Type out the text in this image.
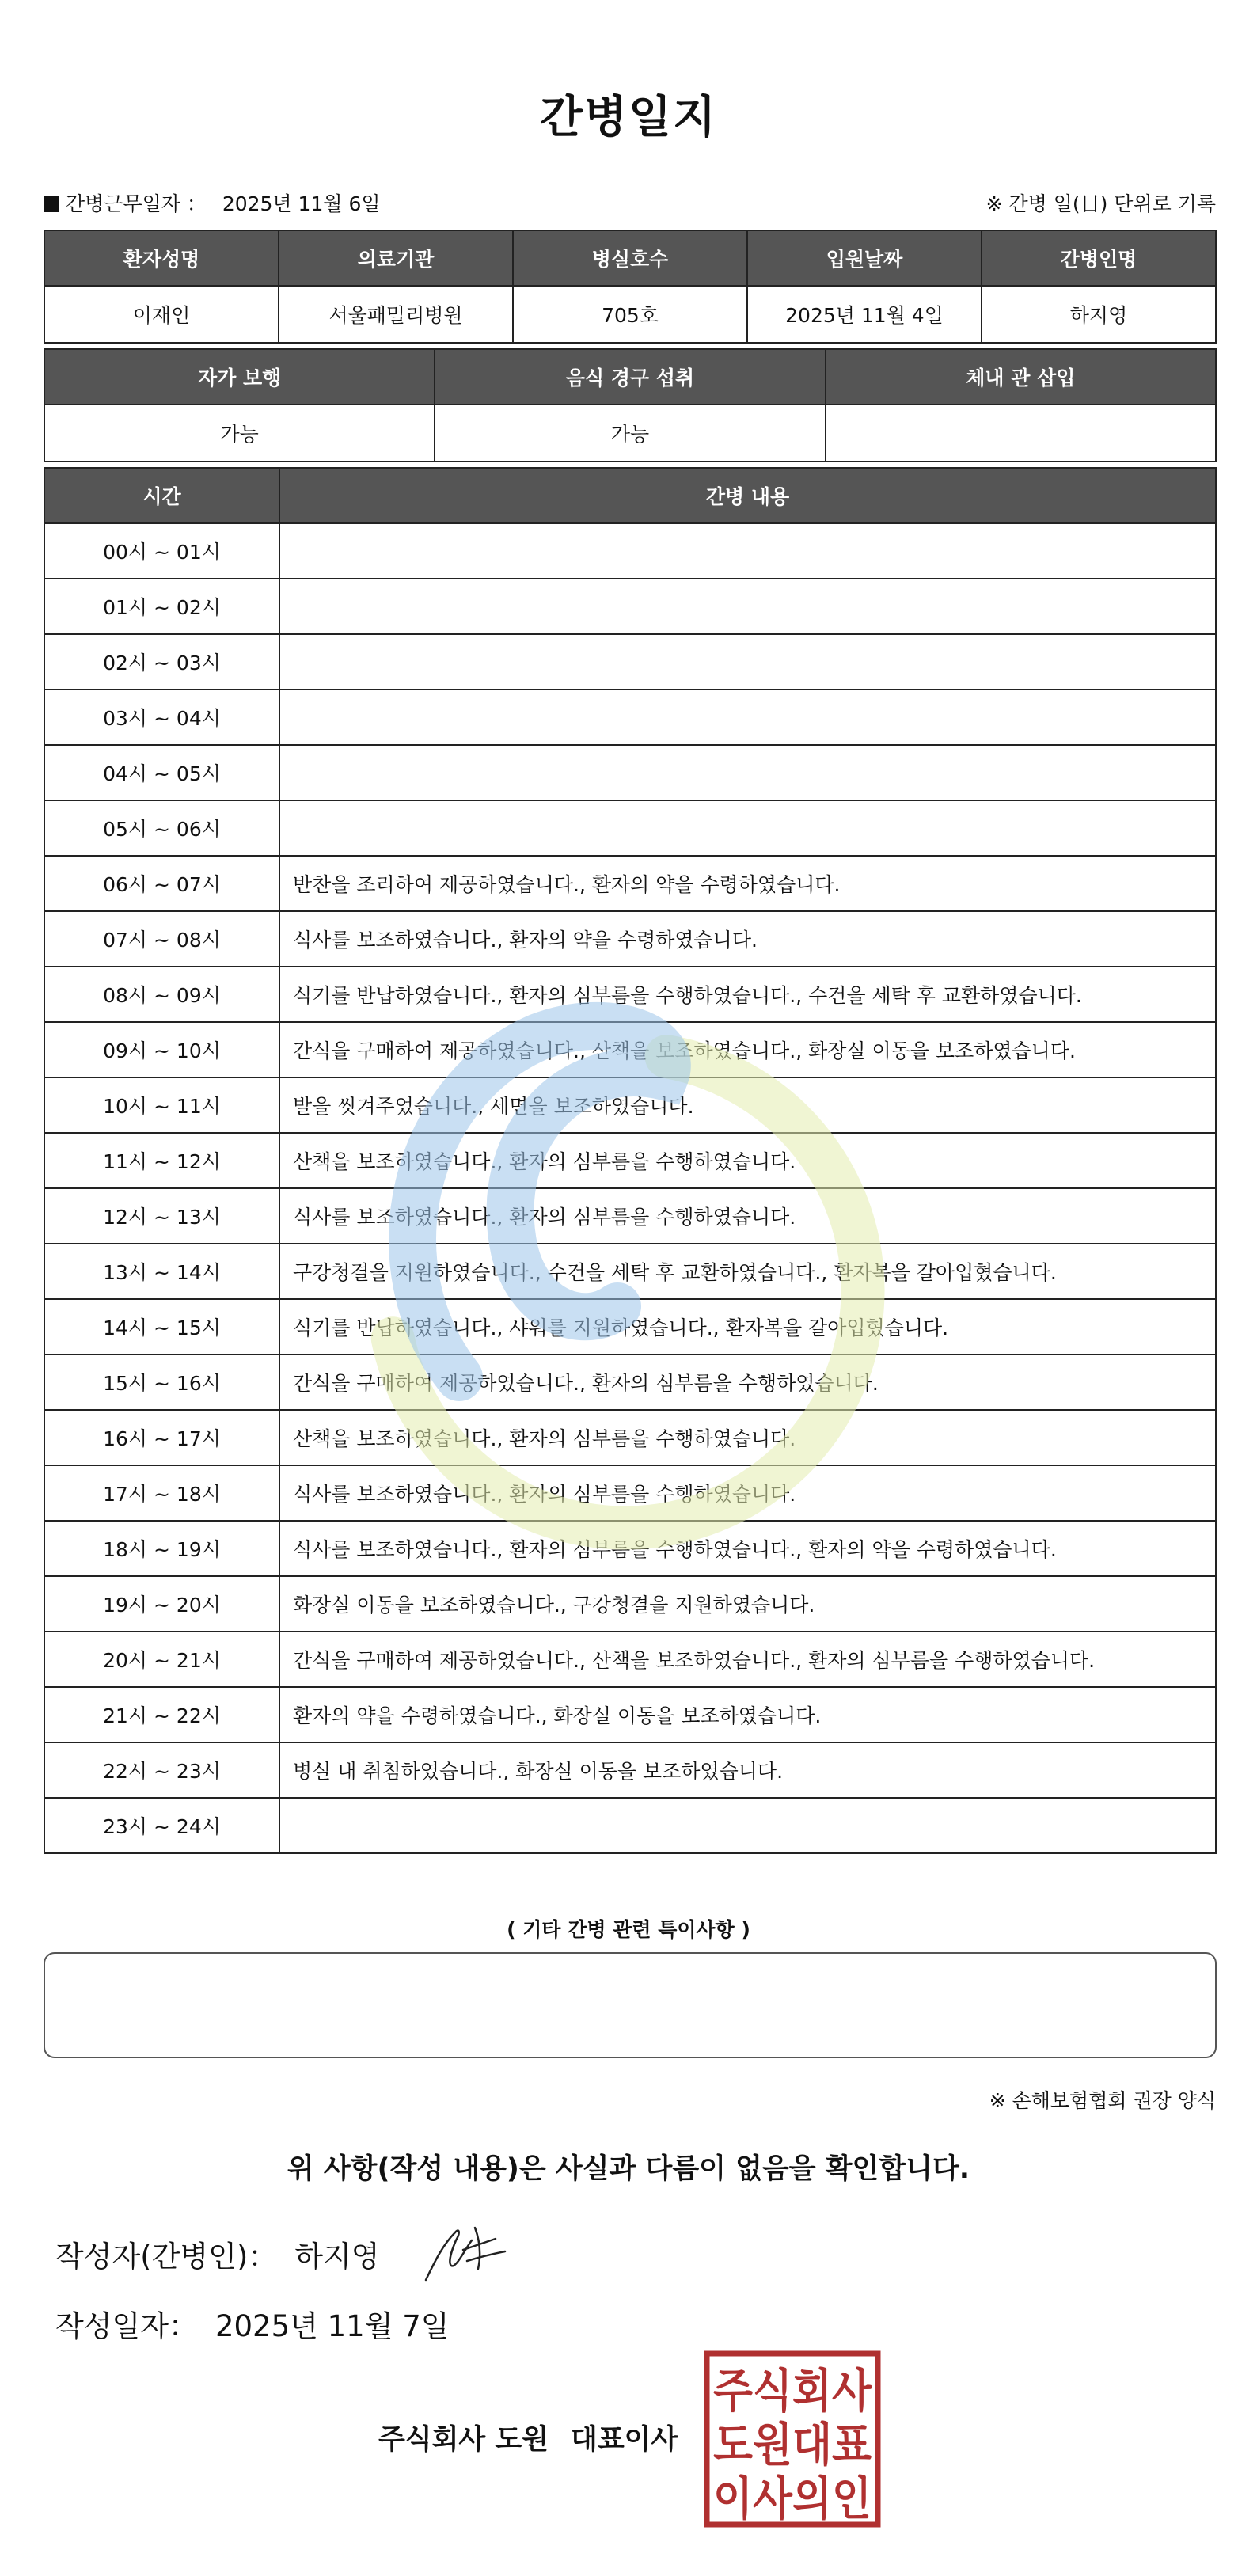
간병일지
간병근무일자 ： 2025년 11월 6일	※ 간병 일(日) 단위로 기록
환자성명	의료기관	병실호수	입원날짜	간병인명
이재인	서울패밀리병원	705호	2025년 11월 4일	하지영
자가 보행	음식 경구 섭취	체내 관 삽입
가능	가능	
시간	간병 내용
00시 ~ 01시	
01시 ~ 02시	
02시 ~ 03시	
03시 ~ 04시	
04시 ~ 05시	
05시 ~ 06시	
06시 ~ 07시	반찬을 조리하여 제공하였습니다., 환자의 약을 수령하였습니다.
07시 ~ 08시	식사를 보조하였습니다., 환자의 약을 수령하였습니다.
08시 ~ 09시	식기를 반납하였습니다., 환자의 심부름을 수행하였습니다., 수건을 세탁 후 교환하였습니다.
09시 ~ 10시	간식을 구매하여 제공하였습니다., 산책을 보조하였습니다., 화장실 이동을 보조하였습니다.
10시 ~ 11시	발을 씻겨주었습니다., 세면을 보조하였습니다.
11시 ~ 12시	산책을 보조하였습니다., 환자의 심부름을 수행하였습니다.
12시 ~ 13시	식사를 보조하였습니다., 환자의 심부름을 수행하였습니다.
13시 ~ 14시	구강청결을 지원하였습니다., 수건을 세탁 후 교환하였습니다., 환자복을 갈아입혔습니다.
14시 ~ 15시	식기를 반납하였습니다., 샤워를 지원하였습니다., 환자복을 갈아입혔습니다.
15시 ~ 16시	간식을 구매하여 제공하였습니다., 환자의 심부름을 수행하였습니다.
16시 ~ 17시	산책을 보조하였습니다., 환자의 심부름을 수행하였습니다.
17시 ~ 18시	식사를 보조하였습니다., 환자의 심부름을 수행하였습니다.
18시 ~ 19시	식사를 보조하였습니다., 환자의 심부름을 수행하였습니다., 환자의 약을 수령하였습니다.
19시 ~ 20시	화장실 이동을 보조하였습니다., 구강청결을 지원하였습니다.
20시 ~ 21시	간식을 구매하여 제공하였습니다., 산책을 보조하였습니다., 환자의 심부름을 수행하였습니다.
21시 ~ 22시	환자의 약을 수령하였습니다., 화장실 이동을 보조하였습니다.
22시 ~ 23시	병실 내 취침하였습니다., 화장실 이동을 보조하였습니다.
23시 ~ 24시	
( 기타 간병 관련 특이사항 )
※ 손해보험협회 권장 양식
위 사항(작성 내용)은 사실과 다름이 없음을 확인합니다.
작성자(간병인)： 하지영
작성일자： 2025년 11월 7일
주식회사 도원 대표이사
주식회사
도원대표
이사의인
